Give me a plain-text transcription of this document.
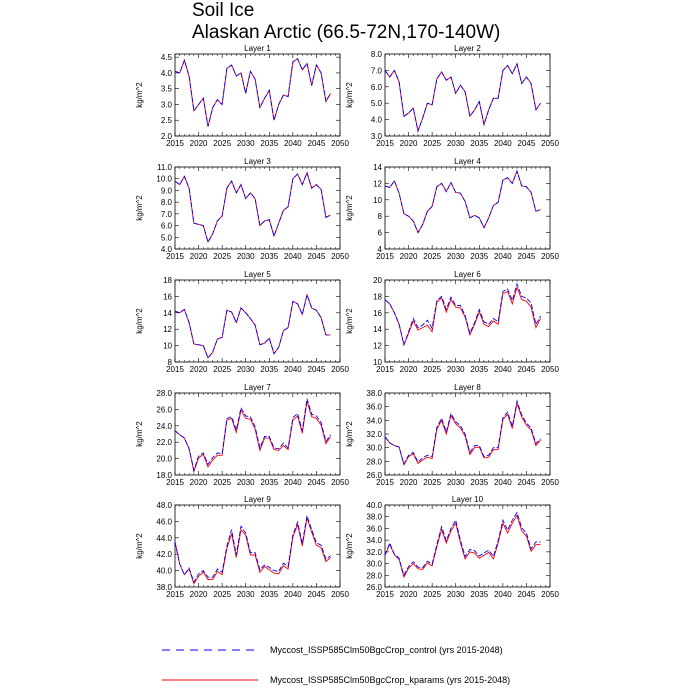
Soil Ice
Alaskan Arctic (66.5-72N,170-140W)
Layer 1
kg/m^2
2015 2020 2025 2030 2035 2040 2045 2050
2.0
2.5
3.0
3.5
4.0
4.5
Layer 2
kg/m^2
2015 2020 2025 2030 2035 2040 2045 2050
3.0
4.0
5.0
6.0
7.0
8.0
Layer 3
kg/m^2
2015 2020 2025 2030 2035 2040 2045 2050
4.0
5.0
6.0
7.0
8.0
9.0
10.0
11.0
Layer 4
kg/m^2
2015 2020 2025 2030 2035 2040 2045 2050
4
6
8
10
12
14
Layer 5
kg/m^2
2015 2020 2025 2030 2035 2040 2045 2050
8
10
12
14
16
18
Layer 6
kg/m^2
2015 2020 2025 2030 2035 2040 2045 2050
10
12
14
16
18
20
Layer 7
kg/m^2
2015 2020 2025 2030 2035 2040 2045 2050
18.0
20.0
22.0
24.0
26.0
28.0
Layer 8
kg/m^2
2015 2020 2025 2030 2035 2040 2045 2050
26.0
28.0
30.0
32.0
34.0
36.0
38.0
Layer 9
kg/m^2
2015 2020 2025 2030 2035 2040 2045 2050
38.0
40.0
42.0
44.0
46.0
48.0
Layer 10
kg/m^2
2015 2020 2025 2030 2035 2040 2045 2050
26.0
28.0
30.0
32.0
34.0
36.0
38.0
40.0
Myccost_ISSP585Clm50BgcCrop_control (yrs 2015-2048)
Myccost_ISSP585Clm50BgcCrop_kparams (yrs 2015-2048)
